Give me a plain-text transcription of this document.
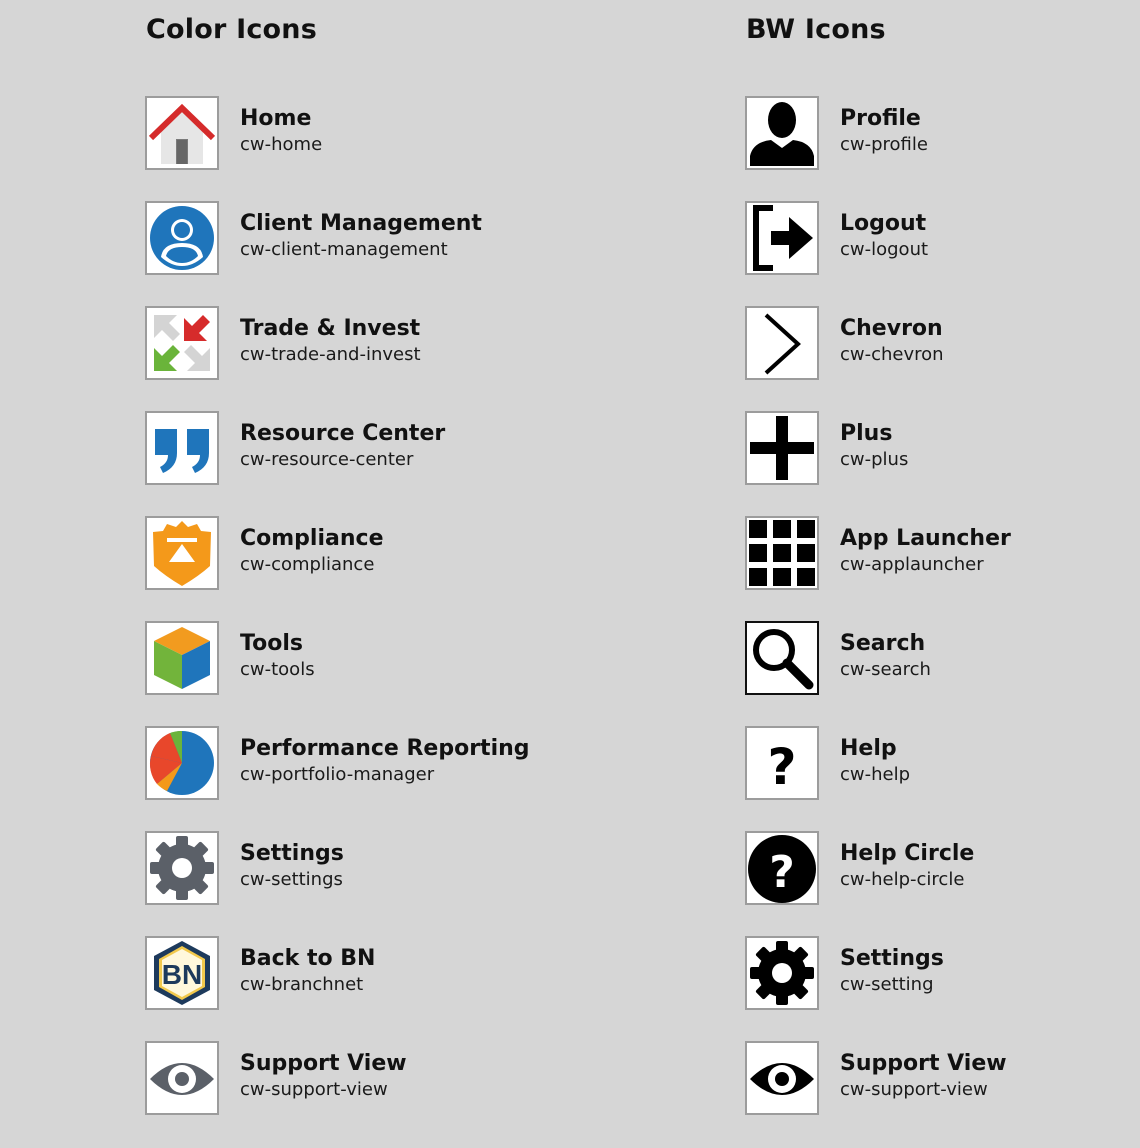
Color Icons
Home
cw-home
Client Management
cw-client-management
Trade & Invest
cw-trade-and-invest
Resource Center
cw-resource-center
Compliance
cw-compliance
Tools
cw-tools
Performance Reporting
cw-portfolio-manager
Settings
cw-settings
BN
Back to BN
cw-branchnet
Support View
cw-support-view
BW Icons
Profile
cw-profile
Logout
cw-logout
Chevron
cw-chevron
Plus
cw-plus
App Launcher
cw-applauncher
Search
cw-search
? Help
cw-help
? Help Circle
cw-help-circle
Settings
cw-setting
Support View
cw-support-view
